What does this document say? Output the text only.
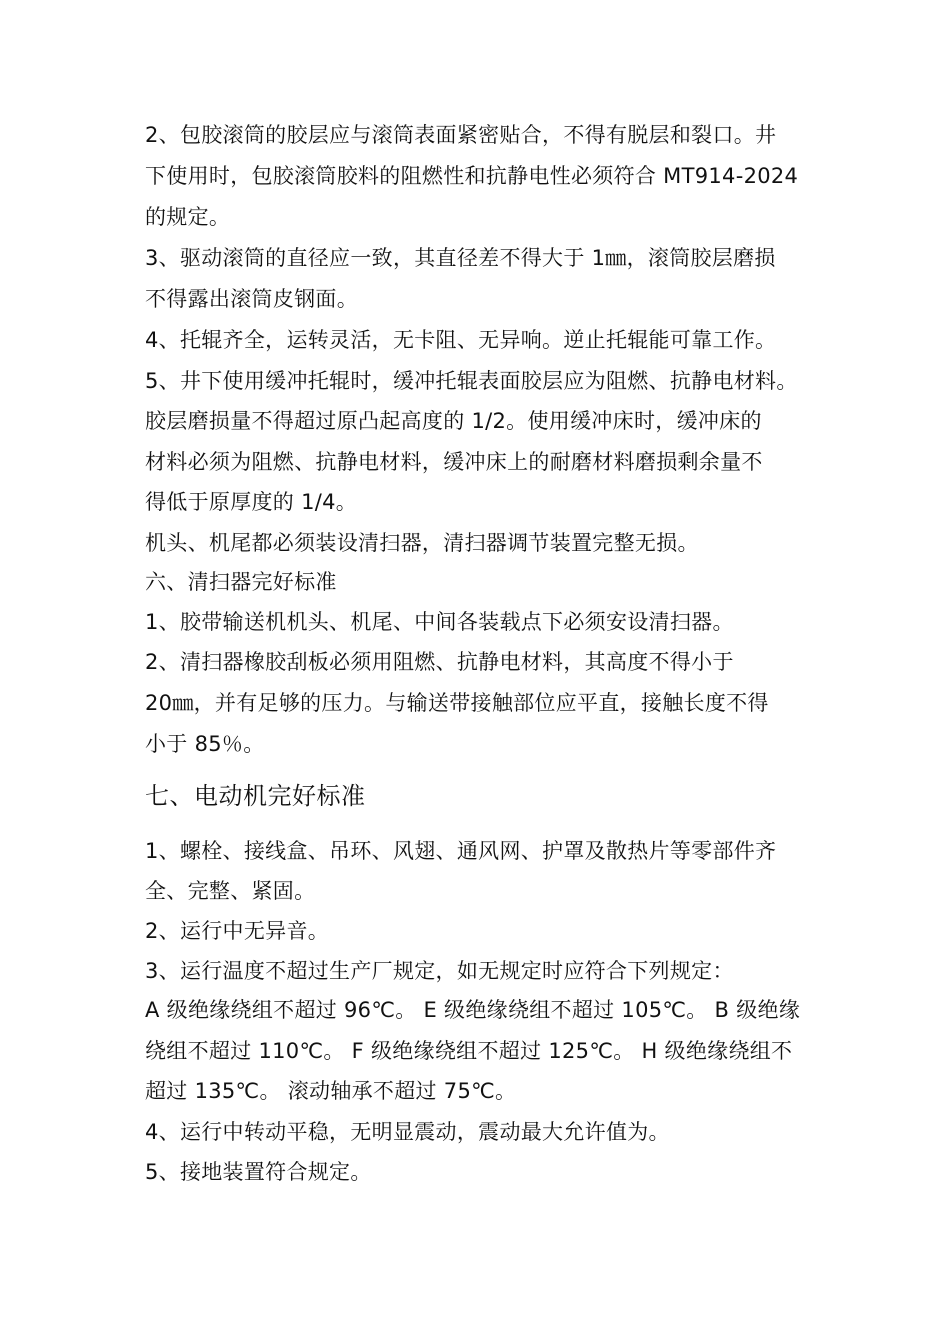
2、包胶滚筒的胶层应与滚筒表面紧密贴合，不得有脱层和裂口。井
下使用时，包胶滚筒胶料的阻燃性和抗静电性必须符合 MT914-2024
的规定。
3、驱动滚筒的直径应一致，其直径差不得大于 1㎜，滚筒胶层磨损
不得露出滚筒皮钢面。
4、托辊齐全，运转灵活，无卡阻、无异响。逆止托辊能可靠工作。
5、井下使用缓冲托辊时，缓冲托辊表面胶层应为阻燃、抗静电材料。
胶层磨损量不得超过原凸起高度的 1/2。使用缓冲床时，缓冲床的
材料必须为阻燃、抗静电材料，缓冲床上的耐磨材料磨损剩余量不
得低于原厚度的 1/4。
机头、机尾都必须装设清扫器，清扫器调节装置完整无损。
六、清扫器完好标准
1、胶带输送机机头、机尾、中间各装载点下必须安设清扫器。
2、清扫器橡胶刮板必须用阻燃、抗静电材料，其高度不得小于
20㎜，并有足够的压力。与输送带接触部位应平直，接触长度不得
小于 85％。
七、电动机完好标准
1、螺栓、接线盒、吊环、风翅、通风网、护罩及散热片等零部件齐
全、完整、紧固。
2、运行中无异音。
3、运行温度不超过生产厂规定，如无规定时应符合下列规定：
A 级绝缘绕组不超过 96℃。 E 级绝缘绕组不超过 105℃。 B 级绝缘
绕组不超过 110℃。 F 级绝缘绕组不超过 125℃。 H 级绝缘绕组不
超过 135℃。 滚动轴承不超过 75℃。
4、运行中转动平稳，无明显震动，震动最大允许值为。
5、接地装置符合规定。
